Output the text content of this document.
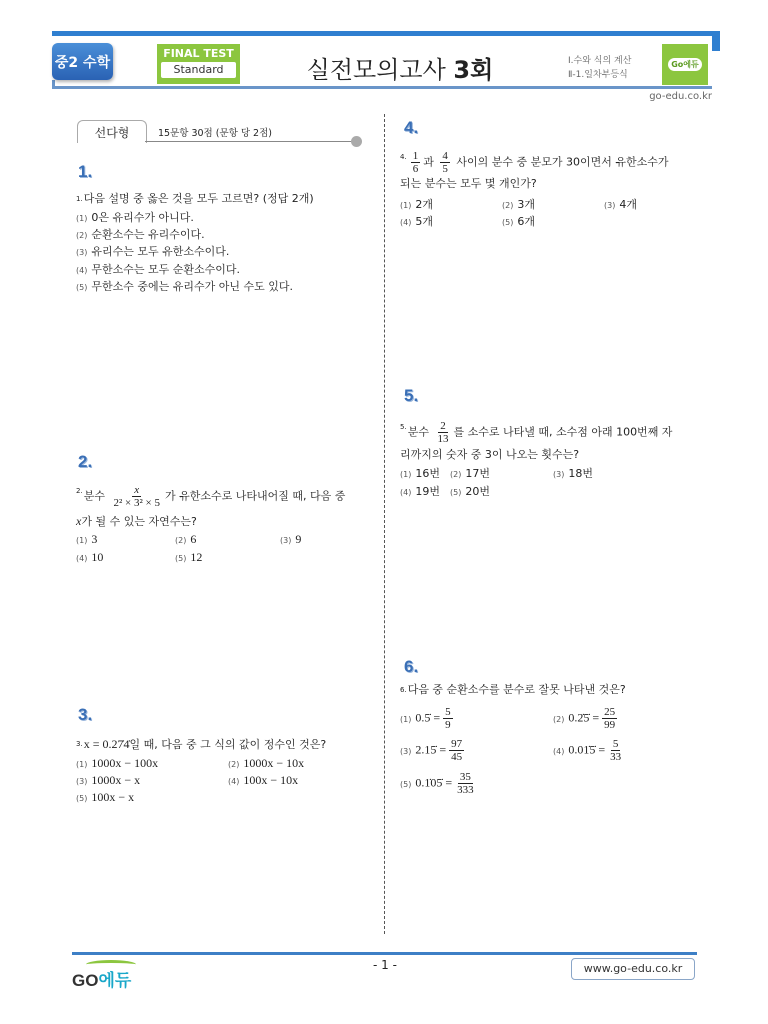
중2 수학
FINAL TEST
Standard	실전모의고사 3회	Ⅰ.수와 식의 계산
Ⅱ-1.일차부등식
Go에듀
go-edu.co.kr
선다형	15문항 30점 (문항 당 2점)
1.
$^{1.}$다음 설명 중 옳은 것을 모두 고르면? (정답 2개)
(1) 0은 유리수가 아니다.
(2) 순환소수는 유리수이다.
(3) 유리수는 모두 유한소수이다.
(4) 무한소수는 모두 순환소수이다.
(5) 무한소수 중에는 유리수가 아닌 수도 있다.
2.
$^{2.}$분수 $\frac{x}{\text{2² × 3² × 5}}$ 가 유한소수로 나타내어질 때, 다음 중
x가 될 수 있는 자연수는?
(1) 3	(2) 6	(3) 9
(4) 10	(5) 12
3.
$^{3.}$x = 0.27̇4̇일 때, 다음 중 그 식의 값이 정수인 것은?
(1) 1000x − 100x	(2) 1000x − 10x
(3) 1000x − x	(4) 100x − 10x
(5) 100x − x
4.
$^{4.} \frac{1}{6}$ 과 $\frac{4}{5}$ 사이의 분수 중 분모가 30이면서 유한소수가
되는 분수는 모두 몇 개인가?
(1) 2개	(2) 3개	(3) 4개
(4) 5개	(5) 6개
5.
$^{5.}$분수 $\frac{2}{13}$ 를 소수로 나타낼 때, 소수점 아래 100번째 자
리까지의 숫자 중 3이 나오는 횟수는?
(1) 16번 (2) 17번	(3) 18번
(4) 19번 (5) 20번
6.
$^{6.}$다음 중 순환소수를 분수로 잘못 나타낸 것은?
(1) 0.5̇ = $\frac{5}{9}$	(2) 0.2̇5̇ = $\frac{25}{99}$
(3) 2.15̇ = $\frac{97}{45}$	(4) 0.01̇5̇ = $\frac{5}{33}$
(5) 0.1̇05̇ = $\frac{35}{333}$
- 1 -	www.go-edu.co.kr
GO에듀
